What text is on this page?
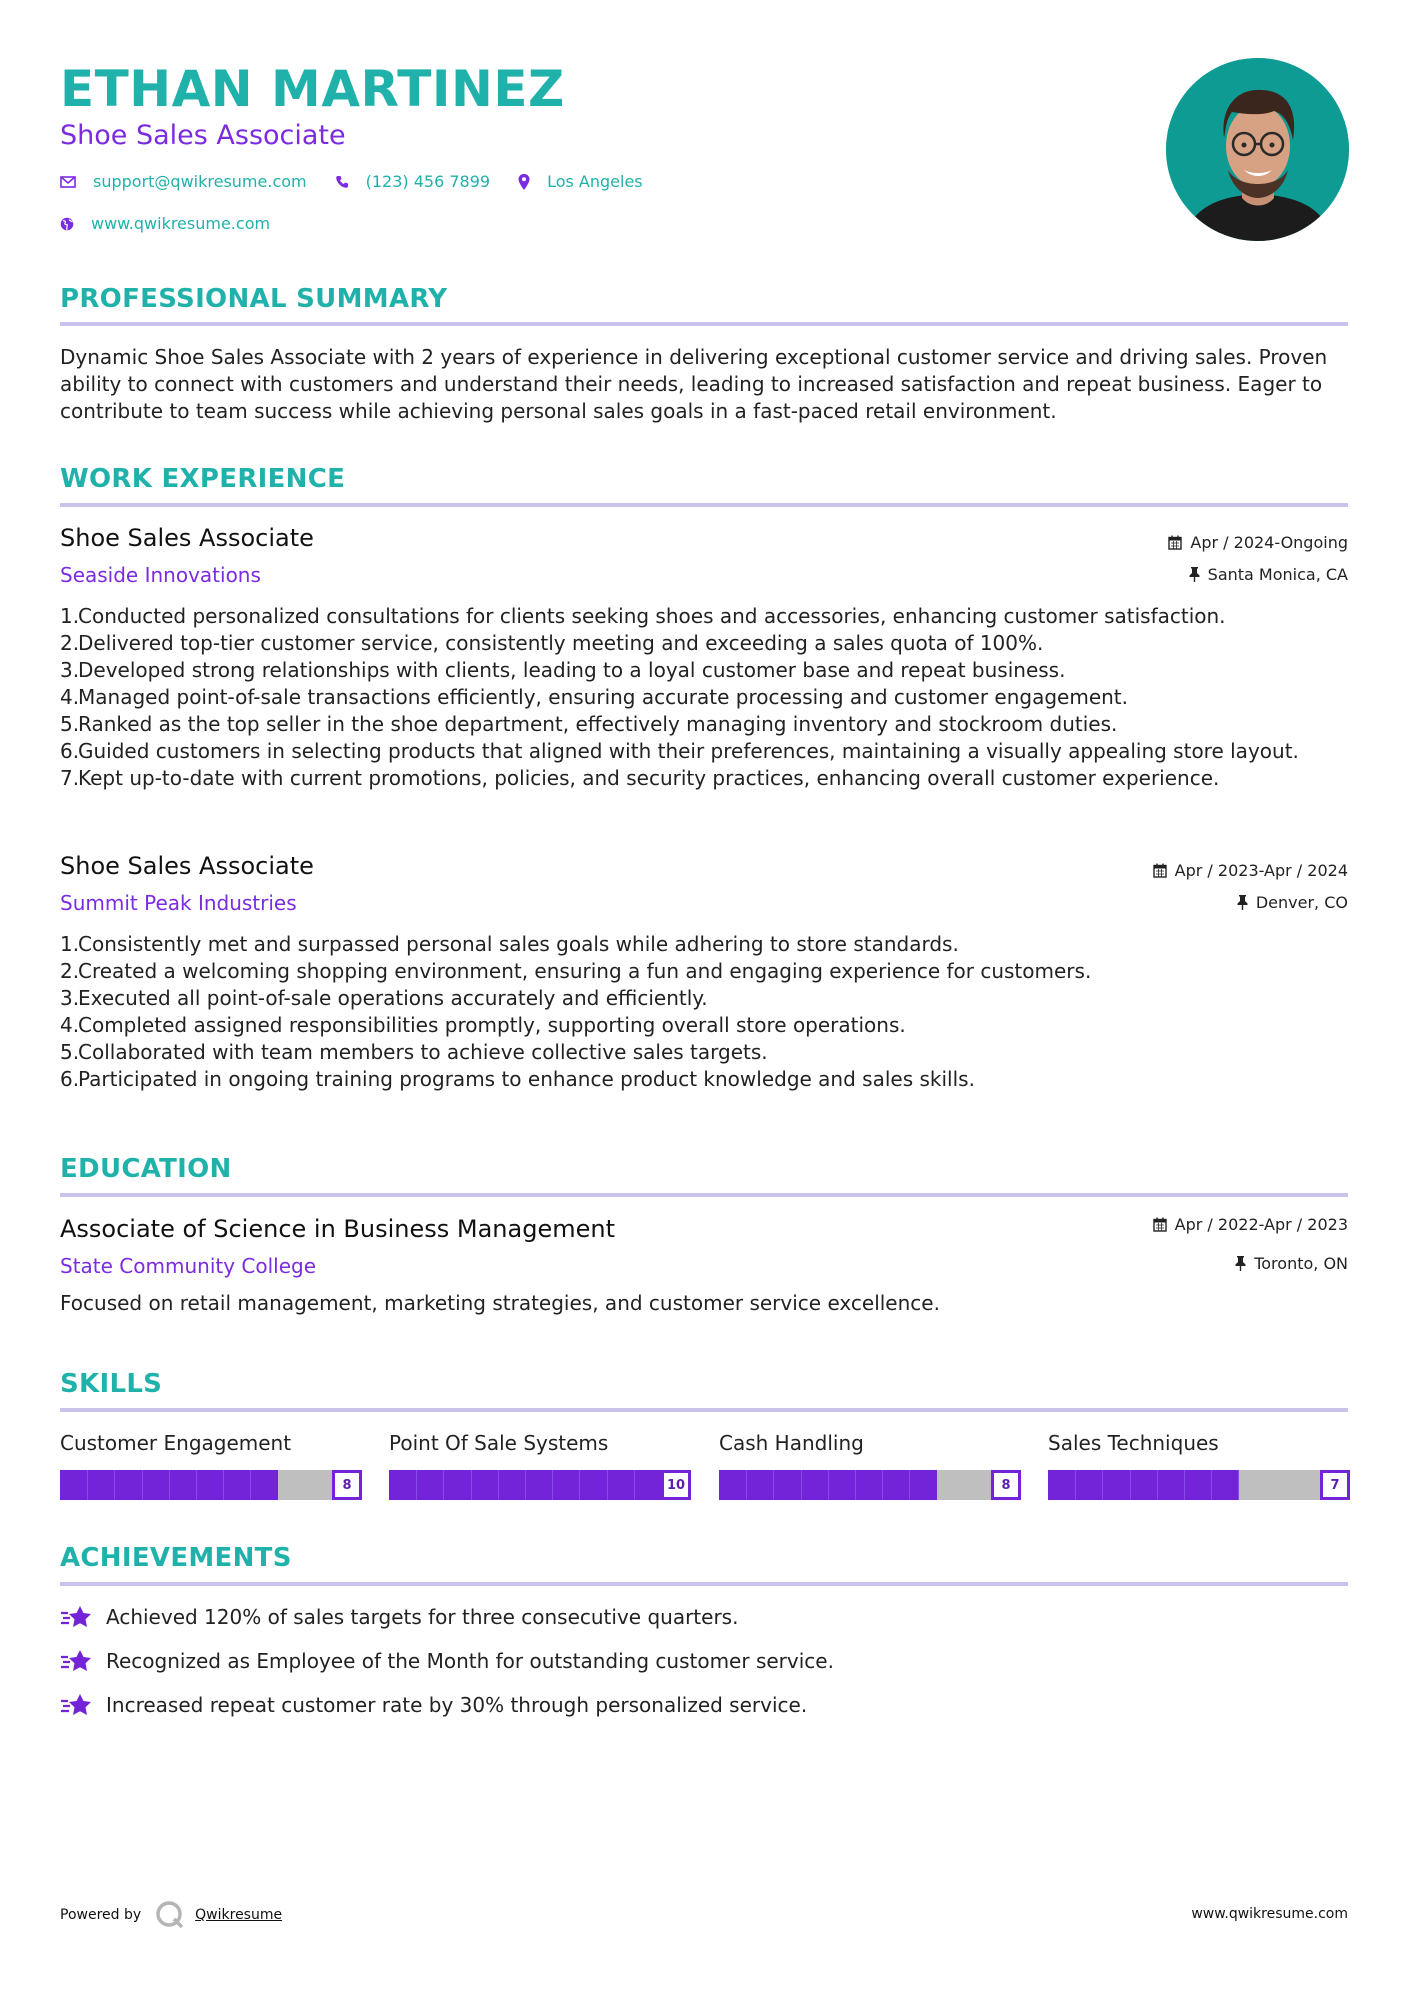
ETHAN MARTINEZ
Shoe Sales Associate
support@qwikresume.com	(123) 456 7899	Los Angeles
www.qwikresume.com
PROFESSIONAL SUMMARY
Dynamic Shoe Sales Associate with 2 years of experience in delivering exceptional customer service and driving sales. Proven ability to connect with customers and understand their needs, leading to increased satisfaction and repeat business. Eager to contribute to team success while achieving personal sales goals in a fast-paced retail environment.
WORK EXPERIENCE
Shoe Sales Associate
Seaside Innovations
Apr / 2024-Ongoing
Santa Monica, CA
1.
Conducted personalized consultations for clients seeking shoes and accessories, enhancing customer satisfaction.
2.
Delivered top-tier customer service, consistently meeting and exceeding a sales quota of 100%.
3.
Developed strong relationships with clients, leading to a loyal customer base and repeat business.
4.
Managed point-of-sale transactions efficiently, ensuring accurate processing and customer engagement.
5.
Ranked as the top seller in the shoe department, effectively managing inventory and stockroom duties.
6.
Guided customers in selecting products that aligned with their preferences, maintaining a visually appealing store layout.
7.
Kept up-to-date with current promotions, policies, and security practices, enhancing overall customer experience.
Shoe Sales Associate
Summit Peak Industries
Apr / 2023-Apr / 2024
Denver, CO
1.
Consistently met and surpassed personal sales goals while adhering to store standards.
2.
Created a welcoming shopping environment, ensuring a fun and engaging experience for customers.
3.
Executed all point-of-sale operations accurately and efficiently.
4.
Completed assigned responsibilities promptly, supporting overall store operations.
5.
Collaborated with team members to achieve collective sales targets.
6.
Participated in ongoing training programs to enhance product knowledge and sales skills.
EDUCATION
Associate of Science in Business Management
State Community College
Apr / 2022-Apr / 2023
Toronto, ON
Focused on retail management, marketing strategies, and customer service excellence.
SKILLS
Customer Engagement
8
Point Of Sale Systems
10
Cash Handling
8
Sales Techniques
7
ACHIEVEMENTS
Achieved 120% of sales targets for three consecutive quarters.
Recognized as Employee of the Month for outstanding customer service.
Increased repeat customer rate by 30% through personalized service.
Powered by	Qwikresume	www.qwikresume.com
